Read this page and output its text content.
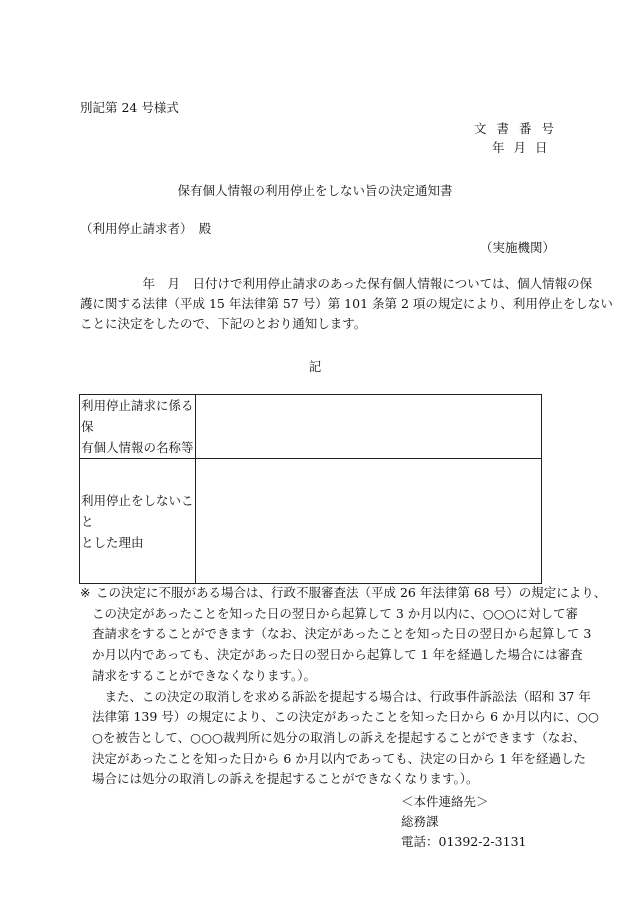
別記第 24 号様式
文書番号
年月日
保有個人情報の利用停止をしない旨の決定通知書
（利用停止請求者）　殿
（実施機関）
　　　　　年　月　日付けで利用停止請求のあった保有個人情報については、個人情報の保
護に関する法律（平成 15 年法律第 57 号）第 101 条第 2 項の規定により、利用停止をしない
ことに決定をしたので、下記のとおり通知します。
記
利用停止請求に係る保
有個人情報の名称等	

利用停止をしないこと
とした理由	

※ この決定に不服がある場合は、行政不服審査法（平成 26 年法律第 68 号）の規定により、
この決定があったことを知った日の翌日から起算して 3 か月以内に、○○○に対して審
査請求をすることができます（なお、決定があったことを知った日の翌日から起算して 3
か月以内であっても、決定があった日の翌日から起算して 1 年を経過した場合には審査
請求をすることができなくなります。）。
　また、この決定の取消しを求める訴訟を提起する場合は、行政事件訴訟法（昭和 37 年
法律第 139 号）の規定により、この決定があったことを知った日から 6 か月以内に、○○
○を被告として、○○○裁判所に処分の取消しの訴えを提起することができます（なお、
決定があったことを知った日から 6 か月以内であっても、決定の日から 1 年を経過した
場合には処分の取消しの訴えを提起することができなくなります。）。
＜本件連絡先＞
総務課
電話：01392-2-3131
